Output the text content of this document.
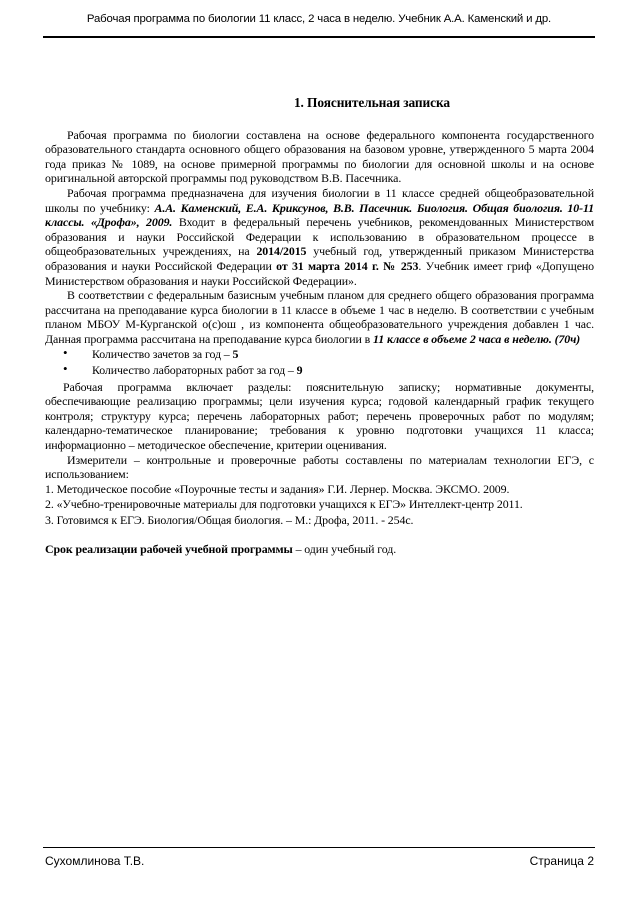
Рабочая программа по биологии 11 класс, 2 часа в неделю. Учебник А.А. Каменский и др.

1. Пояснительная записка

Рабочая программа по биологии составлена на основе федерального компонента государственного образовательного стандарта основного общего образования на базовом уровне, утвержденного 5 марта 2004 года приказ № 1089, на основе примерной программы по биологии для основной школы и на основе оригинальной авторской программы под руководством В.В. Пасечника.

Рабочая программа предназначена для изучения биологии в 11 классе средней общеобразовательной школы по учебнику: А.А. Каменский, Е.А. Криксунов, В.В. Пасечник. Биология. Общая биология. 10-11 классы. «Дрофа», 2009. Входит в федеральный перечень учебников, рекомендованных Министерством образования и науки Российской Федерации к использованию в образовательном процессе в общеобразовательных учреждениях, на 2014/2015 учебный год, утвержденный приказом Министерства образования и науки Российской Федерации от 31 марта 2014 г. № 253. Учебник имеет гриф «Допущено Министерством образования и науки Российской Федерации».

В соответствии с федеральным базисным учебным планом для среднего общего образования программа рассчитана на преподавание курса биологии в 11 классе в объеме 1 час в неделю. В соответствии с учебным планом МБОУ М-Курганской о(с)ош , из компонента общеобразовательного учреждения добавлен 1 час. Данная программа рассчитана на преподавание курса биологии в 11 классе в объеме 2 часа в неделю. (70ч)

• Количество зачетов за год – 5
• Количество лабораторных работ за год – 9

Рабочая программа включает разделы: пояснительную записку; нормативные документы, обеспечивающие реализацию программы; цели изучения курса; годовой календарный график текущего контроля; структуру курса; перечень лабораторных работ; перечень проверочных работ по модулям; календарно-тематическое планирование; требования к уровню подготовки учащихся 11 класса; информационно – методическое обеспечение, критерии оценивания.

Измерители – контрольные и проверочные работы составлены по материалам технологии ЕГЭ, с использованием:

1. Методическое пособие «Поурочные тесты и задания» Г.И. Лернер. Москва. ЭКСМО. 2009.

2. «Учебно-тренировочные материалы для подготовки учащихся к ЕГЭ» Интеллект-центр 2011.

3. Готовимся к ЕГЭ. Биология/Общая биология. – М.: Дрофа, 2011. - 254с.

Срок реализации рабочей учебной программы – один учебный год.

Сухомлинова Т.В.	Страница 2
